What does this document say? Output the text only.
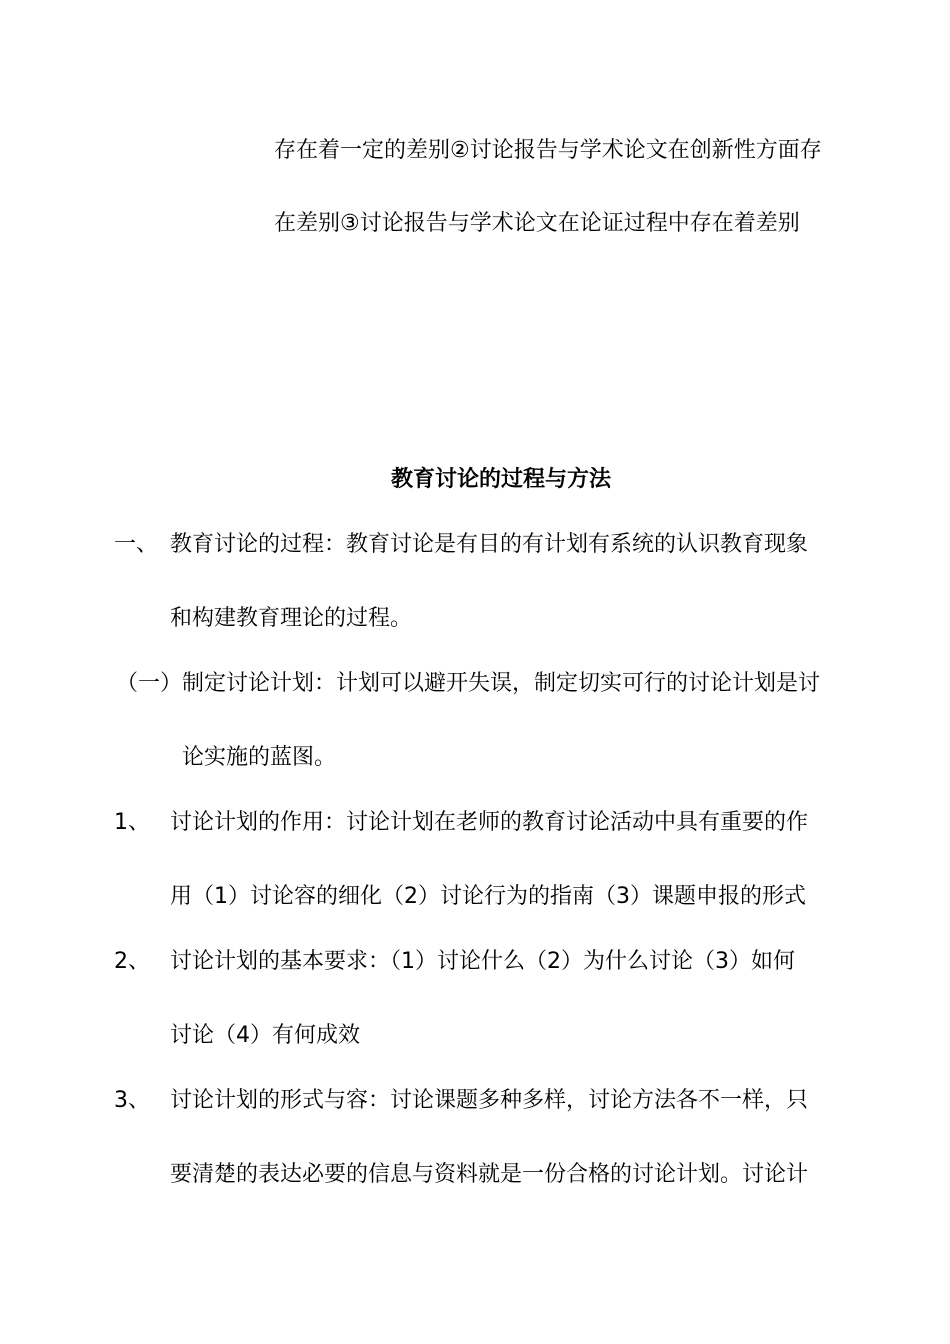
存在着一定的差别②讨论报告与学术论文在创新性方面存
在差别③讨论报告与学术论文在论证过程中存在着差别
教育讨论的过程与方法
一、 教育讨论的过程：教育讨论是有目的有计划有系统的认识教育现象
和构建教育理论的过程。
（一） 制定讨论计划：计划可以避开失误，制定切实可行的讨论计划是讨
论实施的蓝图。
1、 讨论计划的作用：讨论计划在老师的教育讨论活动中具有重要的作
用（1）讨论容的细化（2）讨论行为的指南（3）课题申报的形式
2、 讨论计划的基本要求：（1）讨论什么（2）为什么讨论（3）如何
讨论（4）有何成效
3、 讨论计划的形式与容：讨论课题多种多样，讨论方法各不一样，只
要清楚的表达必要的信息与资料就是一份合格的讨论计划。讨论计
